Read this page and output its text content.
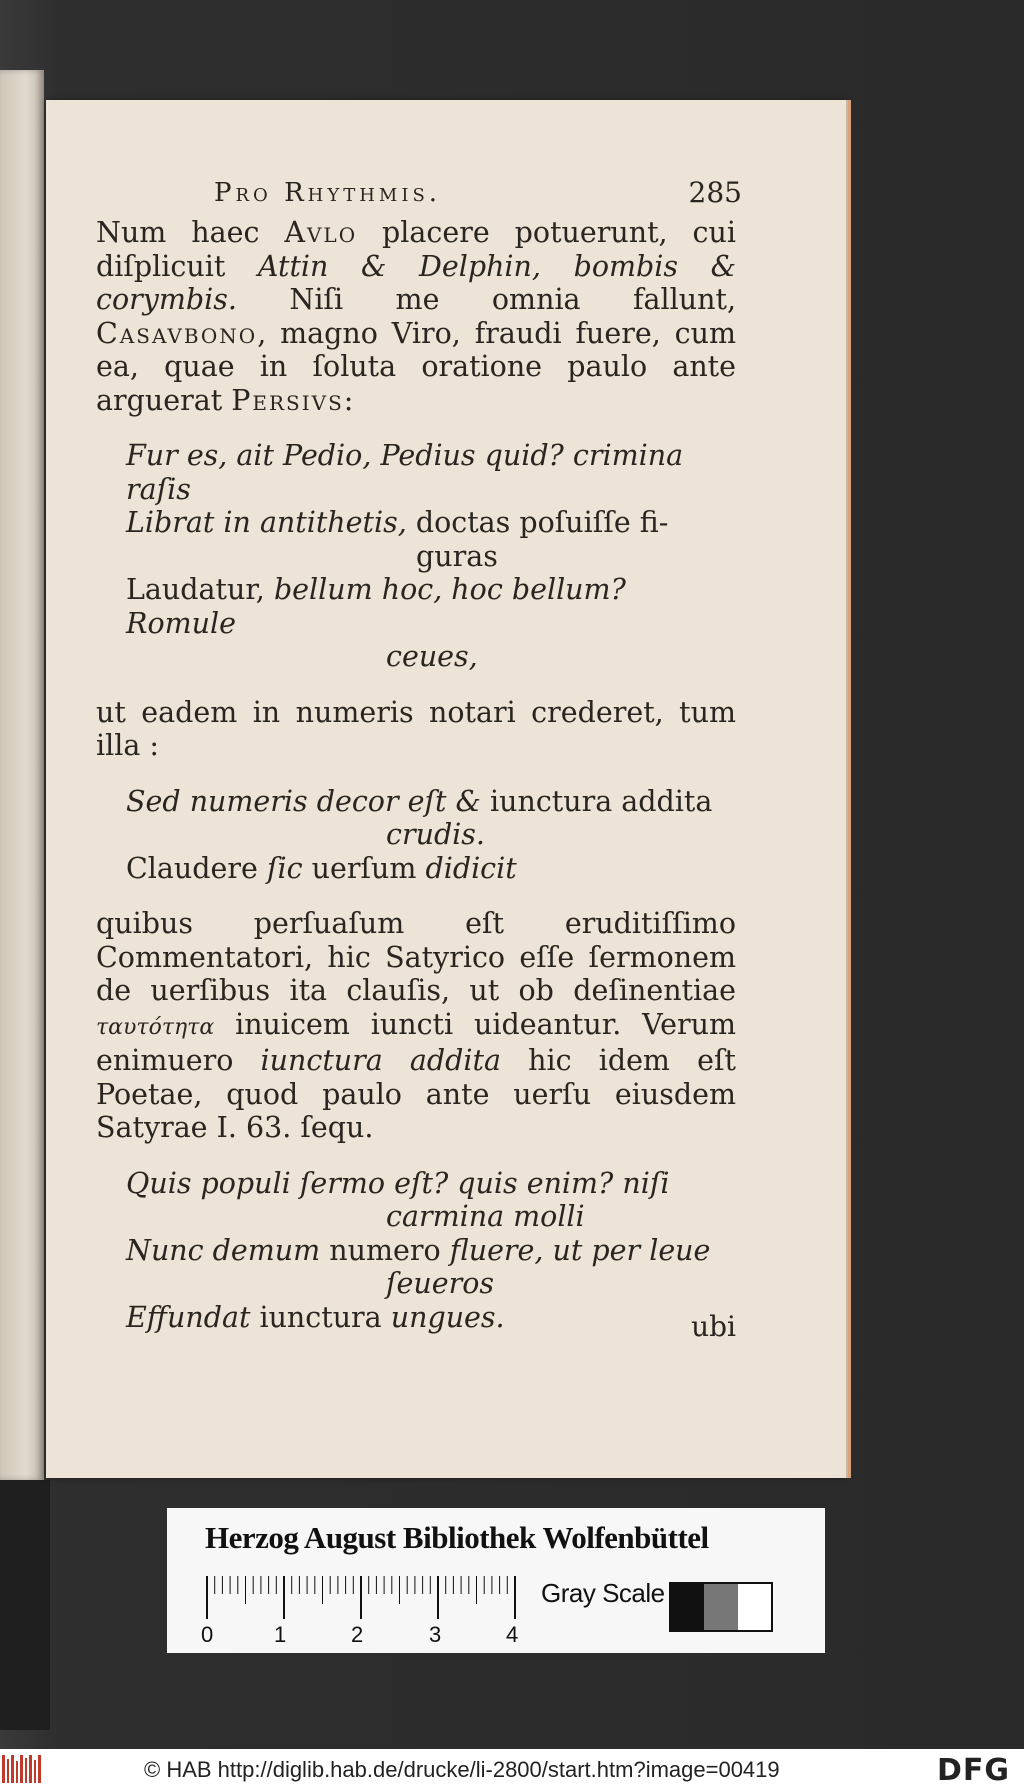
Pro Rhythmis.	285
Num haec Avlo placere potuerunt, cui diſplicuit Attin & Delphin, bombis & corymbis. Niſi me omnia fallunt, Casavbono, magno Viro, fraudi fuere, cum ea, quae in ſoluta oratione paulo ante arguerat Persivs:
Fur es, ait Pedio, Pedius quid? crimina raſis
Librat in antithetis, doctas poſuiſſe fi-
guras
Laudatur, bellum hoc, hoc bellum? Romule
ceues,
ut eadem in numeris notari crederet, tum illa :
Sed numeris decor eſt & iunctura addita
crudis.
Claudere ſic uerſum didicit
quibus perſuaſum eſt eruditiſſimo Commentatori, hic Satyrico eſſe ſermonem de uerſibus ita clauſis, ut ob deſinentiae ταυτότητα inuicem iuncti uideantur. Verum enimuero iunctura addita hic idem eſt Poetae, quod paulo ante uerſu eiusdem Satyrae I. 63. ſequ.
Quis populi ſermo eſt? quis enim? niſi
carmina molli
Nunc demum numero fluere, ut per leue
ſeueros
Effundat iunctura ungues.	ubi
Herzog August Bibliothek Wolfenbüttel
0	1	2	3	4
Gray Scale
© HAB http://diglib.hab.de/drucke/li-2800/start.htm?image=00419	DFG
